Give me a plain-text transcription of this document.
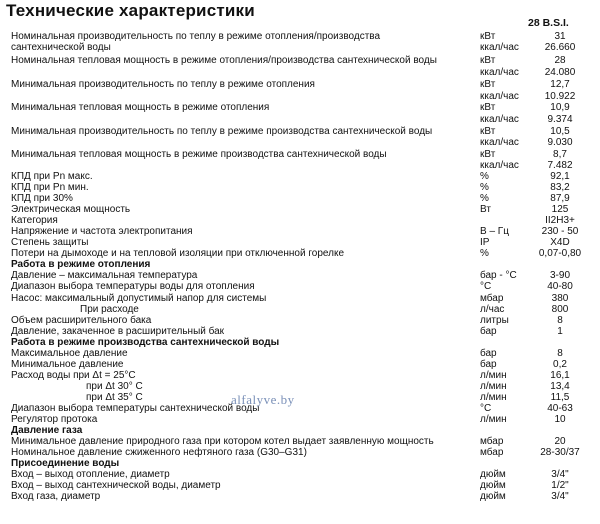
Технические характеристики
28 B.S.I.
Номинальная производительность по теплу в режиме отопления/производства сантехнической воды
кВт	31
ккал/час	26.660
Номинальная тепловая мощность в режиме отопления/производства сантехнической воды	кВт	28
ккал/час	24.080
Минимальная производительность по теплу в режиме отопления	кВт	12,7
ккал/час	10.922
Минимальная тепловая мощность в режиме отопления	кВт	10,9
ккал/час	9.374
Минимальная производительность по теплу в режиме производства сантехнической воды	кВт	10,5
ккал/час	9.030
Минимальная тепловая мощность в режиме производства сантехнической воды	кВт	8,7
ккал/час	7.482
КПД при Pn макс.	%	92,1
КПД при Pn мин.	%	83,2
КПД при 30%	%	87,9
Электрическая мощность	Вт	125
Категория	II2H3+
Напряжение и частота электропитания	В – Гц	230 - 50
Степень защиты	IP	X4D
Потери на дымоходе и на тепловой изоляции при отключенной горелке	%	0,07-0,80
Работа в режиме отопления
Давление – максимальная температура	бар - °С	3-90
Диапазон выбора температуры воды для отопления	°С	40-80
Насос: максимальный допустимый напор для системы	мбар	380
При расходе	л/час	800
Объем расширительного бака	литры	8
Давление, закаченное в расширительный бак	бар	1
Работа в режиме производства сантехнической воды
Максимальное давление	бар	8
Минимальное давление	бар	0,2
Расход воды при Δt = 25°С	л/мин	16,1
при Δt 30° С	л/мин	13,4
при Δt 35° С	л/мин	11,5
Диапазон выбора температуры сантехнической воды	°С	40-63
Регулятор протока	л/мин	10
Давление газа
Минимальное давление природного газа при котором котел выдает заявленную мощность	мбар	20
Номинальное давление сжиженного нефтяного газа (G30–G31)	мбар	28-30/37
Присоединение воды
Вход – выход отопление, диаметр	дюйм	3/4"
Вход – выход сантехнической воды, диаметр	дюйм	1/2"
Вход газа, диаметр	дюйм	3/4"
alfalyve.by
